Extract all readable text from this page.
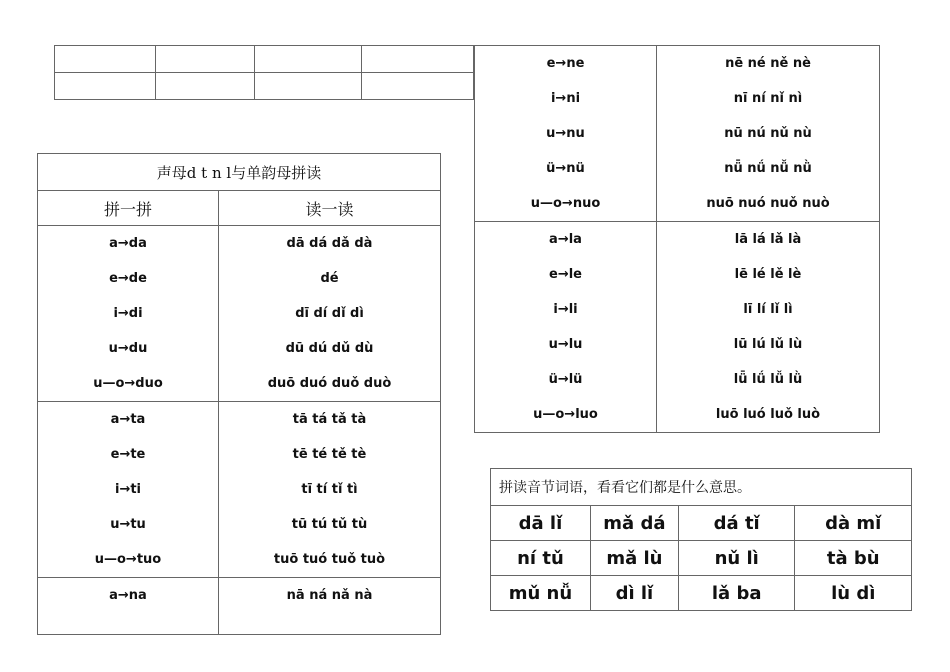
声母d t n l与单韵母拼读	
拼一拼	读一读
a→da	dā dá dǎ dà
e→de	dé
i→di	dī dí dǐ dì
u→du	dū dú dǔ dù
u—o→duo	duō duó duǒ duò
a→ta	tā tá tǎ tà
e→te	tē té tě tè
i→ti	tī tí tǐ tì
u→tu	tū tú tǔ tù
u—o→tuo	tuō tuó tuǒ tuò
a→na	nā ná nǎ nà
e→ne	nē né ně nè
i→ni	nī ní nǐ nì
u→nu	nū nú nǔ nù
ü→nü	nǖ nǘ nǚ nǜ
u—o→nuo	nuō nuó nuǒ nuò
a→la	lā lá lǎ là
e→le	lē lé lě lè
i→li	lī lí lǐ lì
u→lu	lū lú lǔ lù
ü→lü	lǖ lǘ lǚ lǜ
u—o→luo	luō luó luǒ luò
拼读音节词语，看看它们都是什么意思。			
dā lǐ	mǎ dá	dá tǐ	dà mǐ
ní tǔ	mǎ lù	nǔ lì	tà bù
mǔ nǚ	dì lǐ	lǎ ba	lù dì
